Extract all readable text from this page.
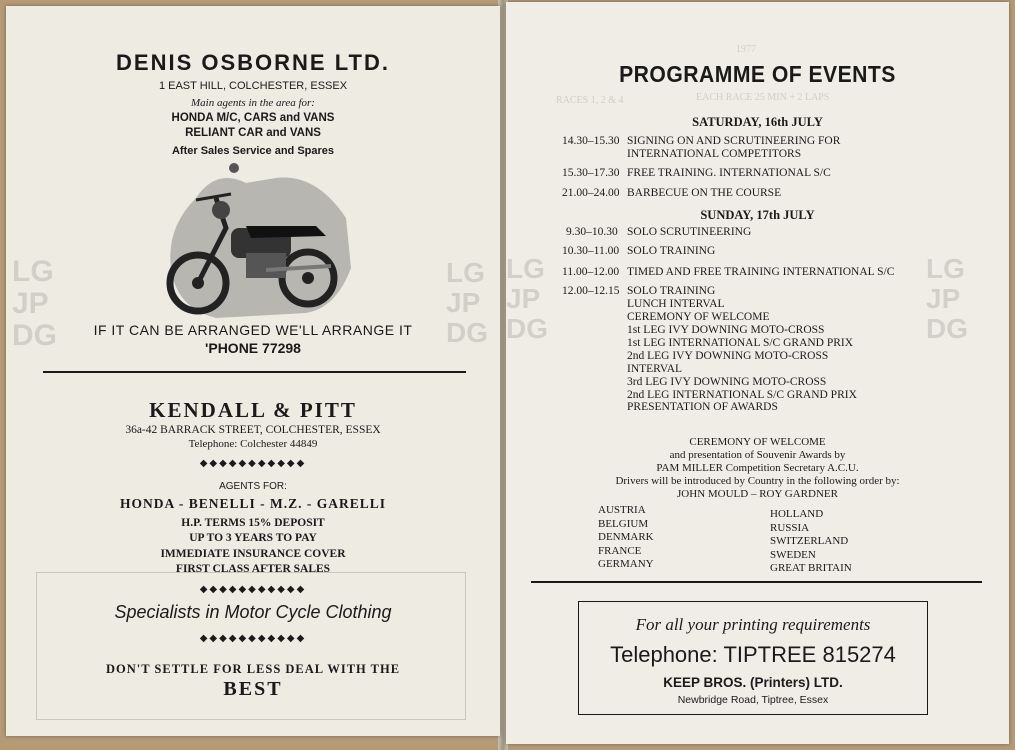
LG
JP
DG
LG
JP
DG
DENIS OSBORNE LTD.
1 EAST HILL, COLCHESTER, ESSEX
Main agents in the area for:
HONDA M/C, CARS and VANS
RELIANT CAR and VANS
After Sales Service and Spares
IF IT CAN BE ARRANGED WE'LL ARRANGE IT
'PHONE 77298
KENDALL & PITT
36a-42 BARRACK STREET, COLCHESTER, ESSEX
Telephone: Colchester 44849
◆◆◆◆◆◆◆◆◆◆◆
AGENTS FOR:
HONDA - BENELLI - M.Z. - GARELLI
H.P. TERMS 15% DEPOSIT
UP TO 3 YEARS TO PAY
IMMEDIATE INSURANCE COVER
FIRST CLASS AFTER SALES
◆◆◆◆◆◆◆◆◆◆◆
Specialists in Motor Cycle Clothing
◆◆◆◆◆◆◆◆◆◆◆
DON'T SETTLE FOR LESS DEAL WITH THE
BEST
1977
EACH RACE 25 MIN + 2 LAPS
RACES 1, 2 & 4
LG
JP
DG
LG
JP
DG
PROGRAMME OF EVENTS
SATURDAY, 16th JULY
14.30–15.30 SIGNING ON AND SCRUTINEERING FOR
INTERNATIONAL COMPETITORS
15.30–17.30 FREE TRAINING. INTERNATIONAL S/C
21.00–24.00 BARBECUE ON THE COURSE
SUNDAY, 17th JULY
9.30–10.30 SOLO SCRUTINEERING
10.30–11.00 SOLO TRAINING
11.00–12.00 TIMED AND FREE TRAINING INTERNATIONAL S/C
12.00–12.15 SOLO TRAINING
LUNCH INTERVAL
CEREMONY OF WELCOME
1st LEG IVY DOWNING MOTO-CROSS
1st LEG INTERNATIONAL S/C GRAND PRIX
2nd LEG IVY DOWNING MOTO-CROSS
INTERVAL
3rd LEG IVY DOWNING MOTO-CROSS
2nd LEG INTERNATIONAL S/C GRAND PRIX
PRESENTATION OF AWARDS
CEREMONY OF WELCOME
and presentation of Souvenir Awards by
PAM MILLER Competition Secretary A.C.U.
Drivers will be introduced by Country in the following order by:
JOHN MOULD – ROY GARDNER
AUSTRIA
BELGIUM
DENMARK
FRANCE
GERMANY
HOLLAND
RUSSIA
SWITZERLAND
SWEDEN
GREAT BRITAIN
For all your printing requirements
Telephone: TIPTREE 815274
KEEP BROS. (Printers) LTD.
Newbridge Road, Tiptree, Essex
